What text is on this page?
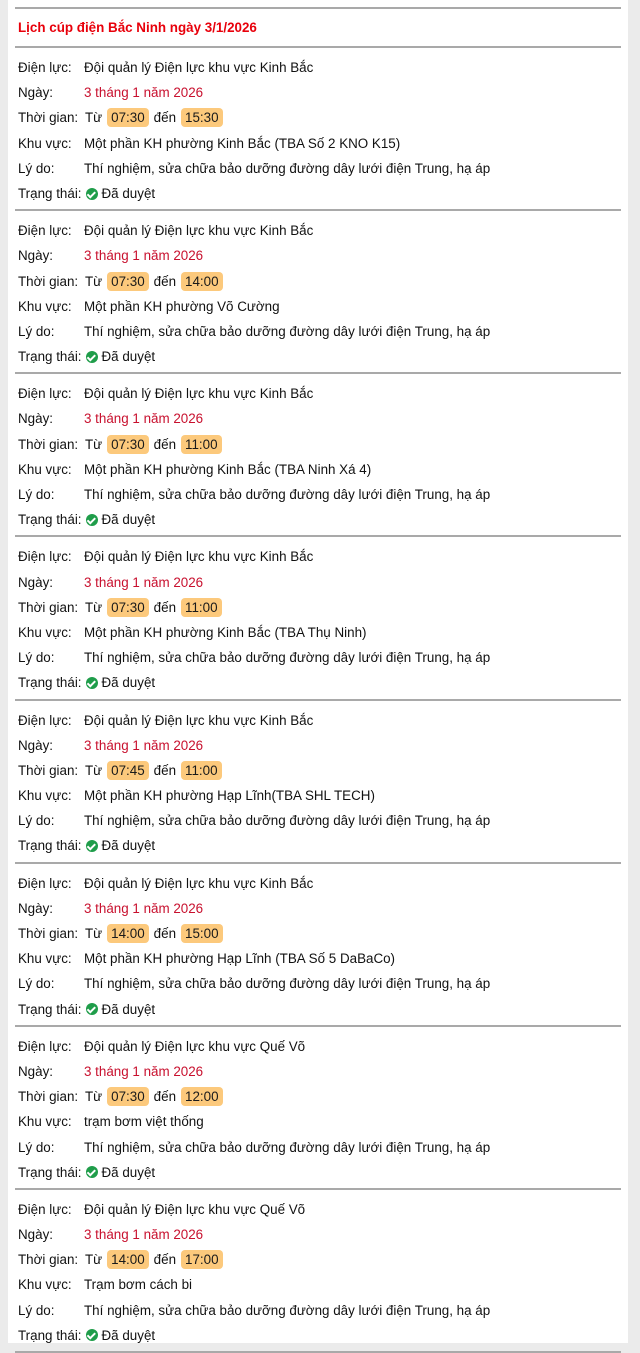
Lịch cúp điện Bắc Ninh ngày 3/1/2026
Điện lực: Đội quản lý Điện lực khu vực Kinh Bắc
Ngày:	3 tháng 1 năm 2026
Thời gian: Từ 07:30 đến 15:30
Khu vực: Một phần KH phường Kinh Bắc (TBA Số 2 KNO K15)
Lý do:	Thí nghiệm, sửa chữa bảo dưỡng đường dây lưới điện Trung, hạ áp
Trạng thái: Đã duyệt
Điện lực: Đội quản lý Điện lực khu vực Kinh Bắc
Ngày:	3 tháng 1 năm 2026
Thời gian: Từ 07:30 đến 14:00
Khu vực: Một phần KH phường Võ Cường
Lý do:	Thí nghiệm, sửa chữa bảo dưỡng đường dây lưới điện Trung, hạ áp
Trạng thái: Đã duyệt
Điện lực: Đội quản lý Điện lực khu vực Kinh Bắc
Ngày:	3 tháng 1 năm 2026
Thời gian: Từ 07:30 đến 11:00
Khu vực: Một phần KH phường Kinh Bắc (TBA Ninh Xá 4)
Lý do:	Thí nghiệm, sửa chữa bảo dưỡng đường dây lưới điện Trung, hạ áp
Trạng thái: Đã duyệt
Điện lực: Đội quản lý Điện lực khu vực Kinh Bắc
Ngày:	3 tháng 1 năm 2026
Thời gian: Từ 07:30 đến 11:00
Khu vực: Một phần KH phường Kinh Bắc (TBA Thụ Ninh)
Lý do:	Thí nghiệm, sửa chữa bảo dưỡng đường dây lưới điện Trung, hạ áp
Trạng thái: Đã duyệt
Điện lực: Đội quản lý Điện lực khu vực Kinh Bắc
Ngày:	3 tháng 1 năm 2026
Thời gian: Từ 07:45 đến 11:00
Khu vực: Một phần KH phường Hạp Lĩnh(TBA SHL TECH)
Lý do:	Thí nghiệm, sửa chữa bảo dưỡng đường dây lưới điện Trung, hạ áp
Trạng thái: Đã duyệt
Điện lực: Đội quản lý Điện lực khu vực Kinh Bắc
Ngày:	3 tháng 1 năm 2026
Thời gian: Từ 14:00 đến 15:00
Khu vực: Một phần KH phường Hạp Lĩnh (TBA Số 5 DaBaCo)
Lý do:	Thí nghiệm, sửa chữa bảo dưỡng đường dây lưới điện Trung, hạ áp
Trạng thái: Đã duyệt
Điện lực: Đội quản lý Điện lực khu vực Quế Võ
Ngày:	3 tháng 1 năm 2026
Thời gian: Từ 07:30 đến 12:00
Khu vực: trạm bơm việt thống
Lý do:	Thí nghiệm, sửa chữa bảo dưỡng đường dây lưới điện Trung, hạ áp
Trạng thái: Đã duyệt
Điện lực: Đội quản lý Điện lực khu vực Quế Võ
Ngày:	3 tháng 1 năm 2026
Thời gian: Từ 14:00 đến 17:00
Khu vực: Trạm bơm cách bi
Lý do:	Thí nghiệm, sửa chữa bảo dưỡng đường dây lưới điện Trung, hạ áp
Trạng thái: Đã duyệt
